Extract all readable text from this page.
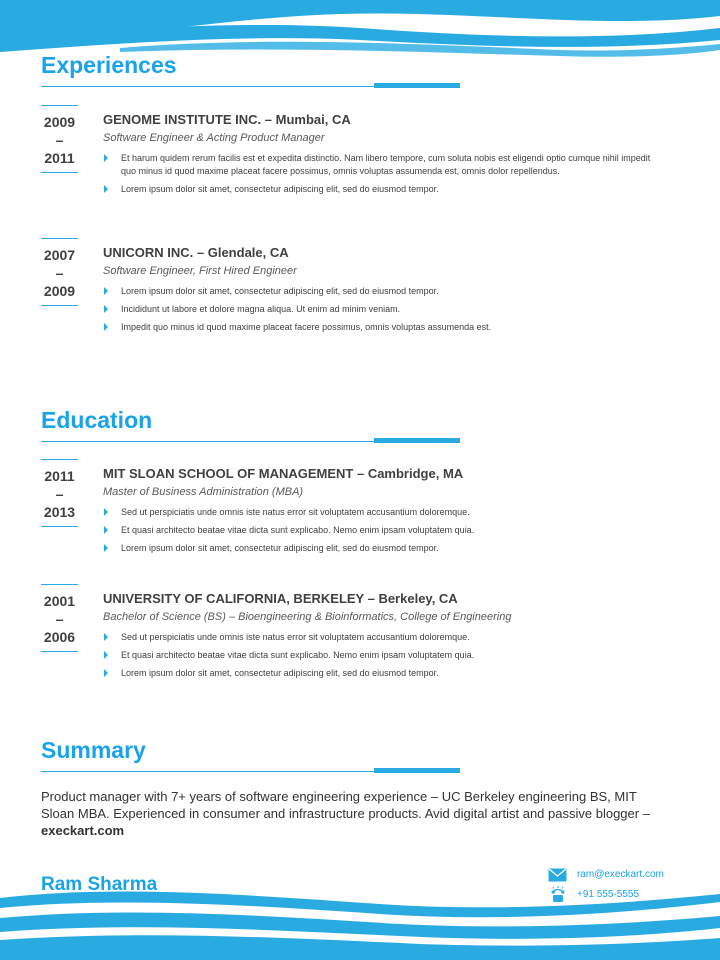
Experiences
2009
–
2011
GENOME INSTITUTE INC. – Mumbai, CA
Software Engineer & Acting Product Manager
Et harum quidem rerum facilis est et expedita distinctio. Nam libero tempore, cum soluta nobis est eligendi optio cumque nihil impedit quo minus id quod maxime placeat facere possimus, omnis voluptas assumenda est, omnis dolor repellendus.
Lorem ipsum dolor sit amet, consectetur adipiscing elit, sed do eiusmod tempor.
2007
–
2009
UNICORN INC. – Glendale, CA
Software Engineer, First Hired Engineer
Lorem ipsum dolor sit amet, consectetur adipiscing elit, sed do eiusmod tempor.
Incididunt ut labore et dolore magna aliqua. Ut enim ad minim veniam.
Impedit quo minus id quod maxime placeat facere possimus, omnis voluptas assumenda est.
Education
2011
–
2013
MIT SLOAN SCHOOL OF MANAGEMENT – Cambridge, MA
Master of Business Administration (MBA)
Sed ut perspiciatis unde omnis iste natus error sit voluptatem accusantium doloremque.
Et quasi architecto beatae vitae dicta sunt explicabo. Nemo enim ipsam voluptatem quia.
Lorem ipsum dolor sit amet, consectetur adipiscing elit, sed do eiusmod tempor.
2001
–
2006
UNIVERSITY OF CALIFORNIA, BERKELEY – Berkeley, CA
Bachelor of Science (BS) – Bioengineering & Bioinformatics, College of Engineering
Sed ut perspiciatis unde omnis iste natus error sit voluptatem accusantium doloremque.
Et quasi architecto beatae vitae dicta sunt explicabo. Nemo enim ipsam voluptatem quia.
Lorem ipsum dolor sit amet, consectetur adipiscing elit, sed do eiusmod tempor.
Summary
Product manager with 7+ years of software engineering experience – UC Berkeley engineering BS, MIT Sloan MBA. Experienced in consumer and infrastructure products. Avid digital artist and passive blogger – execkart.com
Ram Sharma	ram@execkart.com
+91 555-5555
